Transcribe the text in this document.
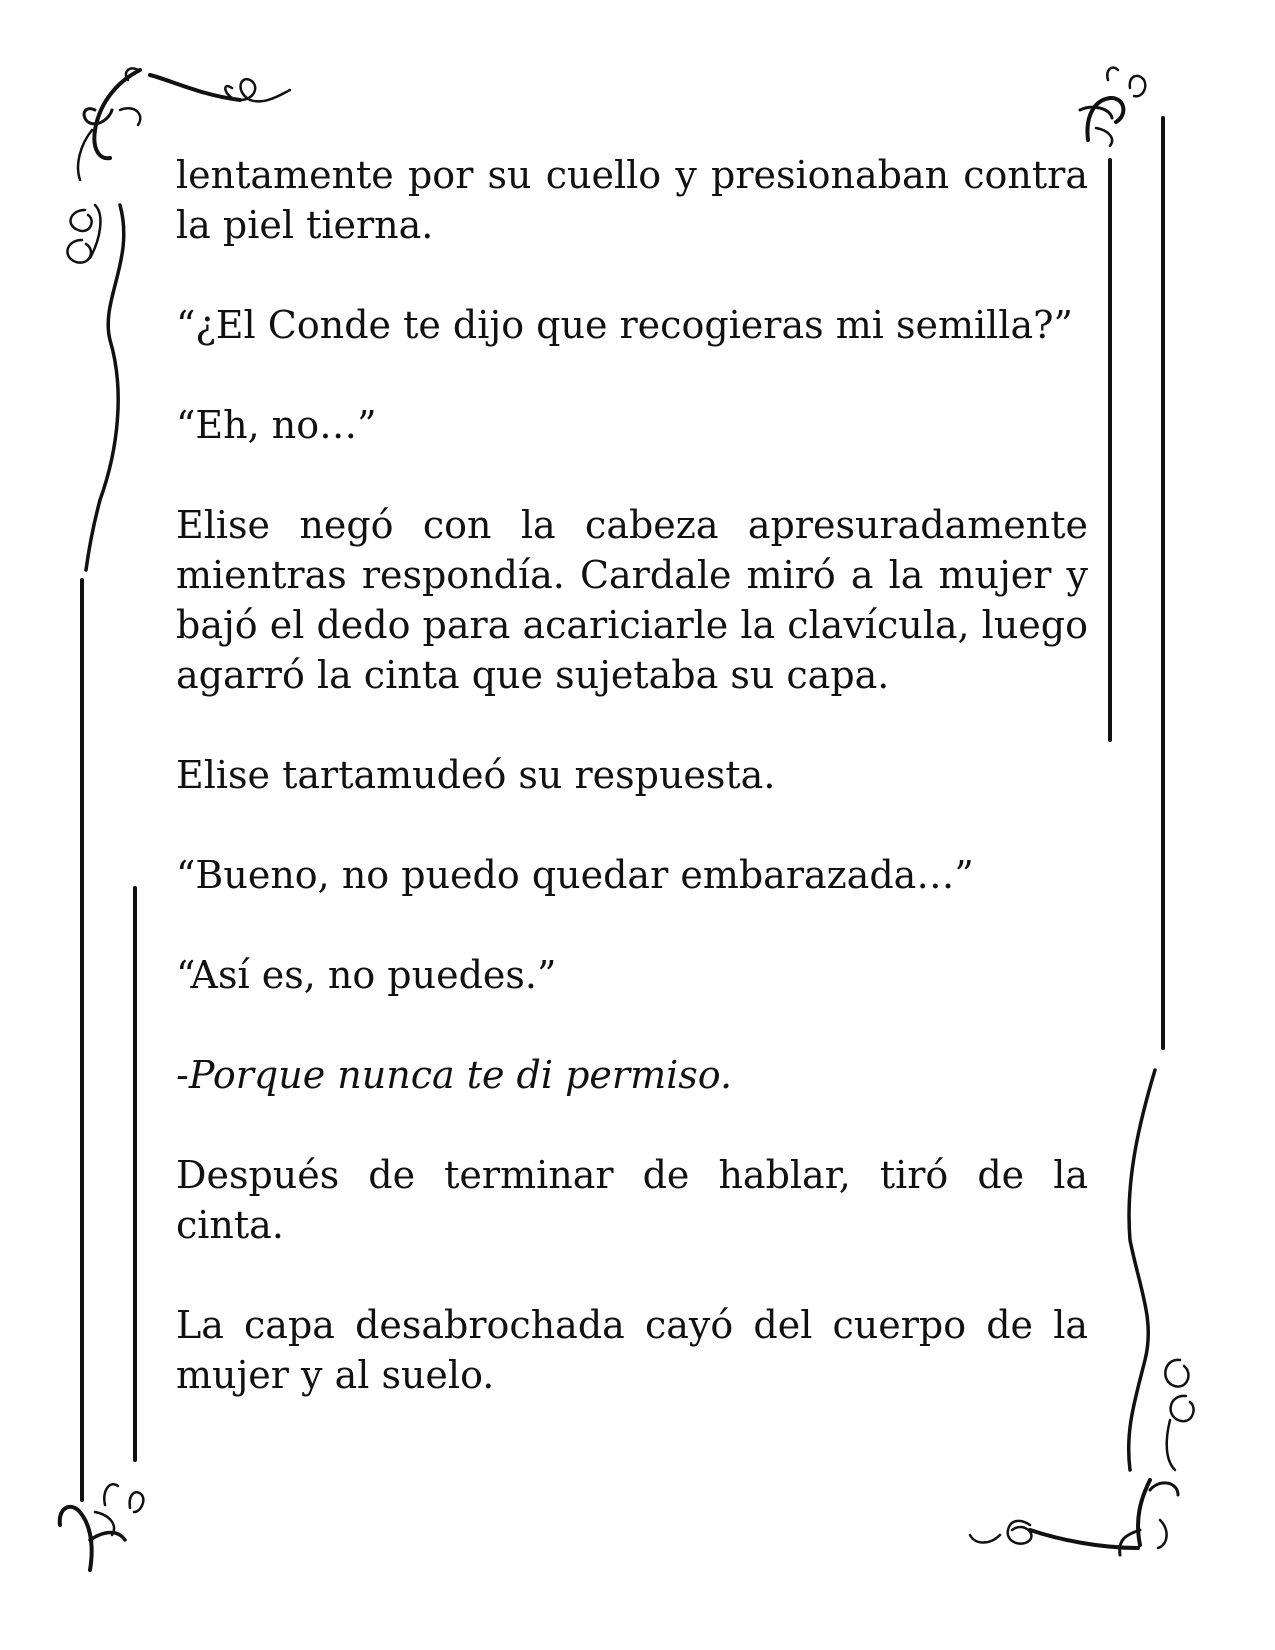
lentamente por su cuello y presionaban contra la piel tierna.

“¿El Conde te dijo que recogieras mi semilla?”

“Eh, no…”

Elise negó con la cabeza apresuradamente mientras respondía. Cardale miró a la mujer y bajó el dedo para acariciarle la clavícula, luego agarró la cinta que sujetaba su capa.

Elise tartamudeó su respuesta.

“Bueno, no puedo quedar embarazada…”

“Así es, no puedes.”

-Porque nunca te di permiso.

Después de terminar de hablar, tiró de la cinta.

La capa desabrochada cayó del cuerpo de la mujer y al suelo.
